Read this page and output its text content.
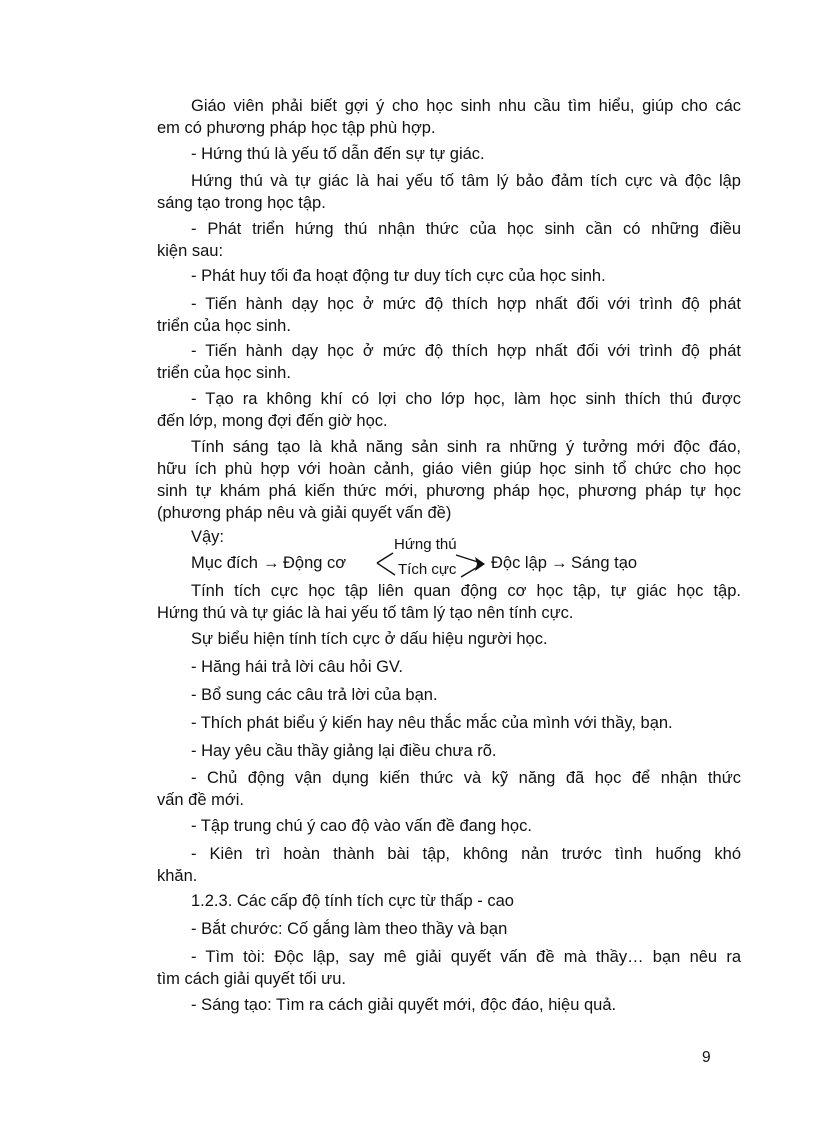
Giáo viên phải biết gợi ý cho học sinh nhu cầu tìm hiểu, giúp cho các
em có phương pháp học tập phù hợp.
- Hứng thú là yếu tố dẫn đến sự tự giác.
Hứng thú và tự giác là hai yếu tố tâm lý bảo đảm tích cực và độc lập
sáng tạo trong học tập.
- Phát triển hứng thú nhận thức của học sinh cần có những điều
kiện sau:
- Phát huy tối đa hoạt động tư duy tích cực của học sinh.
- Tiến hành dạy học ở mức độ thích hợp nhất đối với trình độ phát
triển của học sinh.
- Tiến hành dạy học ở mức độ thích hợp nhất đối với trình độ phát
triển của học sinh.
- Tạo ra không khí có lợi cho lớp học, làm học sinh thích thú được
đến lớp, mong đợi đến giờ học.
Tính sáng tạo là khả năng sản sinh ra những ý tưởng mới độc đáo,
hữu ích phù hợp với hoàn cảnh, giáo viên giúp học sinh tổ chức cho học
sinh tự khám phá kiến thức mới, phương pháp học, phương pháp tự học
(phương pháp nêu và giải quyết vấn đề)
Vậy:
Mục đích → Động cơ
Hứng thú
Tích cực Độc lập → Sáng tạo
Tính tích cực học tập liên quan động cơ học tập, tự giác học tập.
Hứng thú và tự giác là hai yếu tố tâm lý tạo nên tính cực.
Sự biểu hiện tính tích cực ở dấu hiệu người học.
- Hăng hái trả lời câu hỏi GV.
- Bổ sung các câu trả lời của bạn.
- Thích phát biểu ý kiến hay nêu thắc mắc của mình với thầy, bạn.
- Hay yêu cầu thầy giảng lại điều chưa rõ.
- Chủ động vận dụng kiến thức và kỹ năng đã học để nhận thức
vấn đề mới.
- Tập trung chú ý cao độ vào vấn đề đang học.
- Kiên trì hoàn thành bài tập, không nản trước tình huống khó
khăn.
1.2.3. Các cấp độ tính tích cực từ thấp - cao
- Bắt chước: Cố gắng làm theo thầy và bạn
- Tìm tòi: Độc lập, say mê giải quyết vấn đề mà thầy… bạn nêu ra
tìm cách giải quyết tối ưu.
- Sáng tạo: Tìm ra cách giải quyết mới, độc đáo, hiệu quả.
9
